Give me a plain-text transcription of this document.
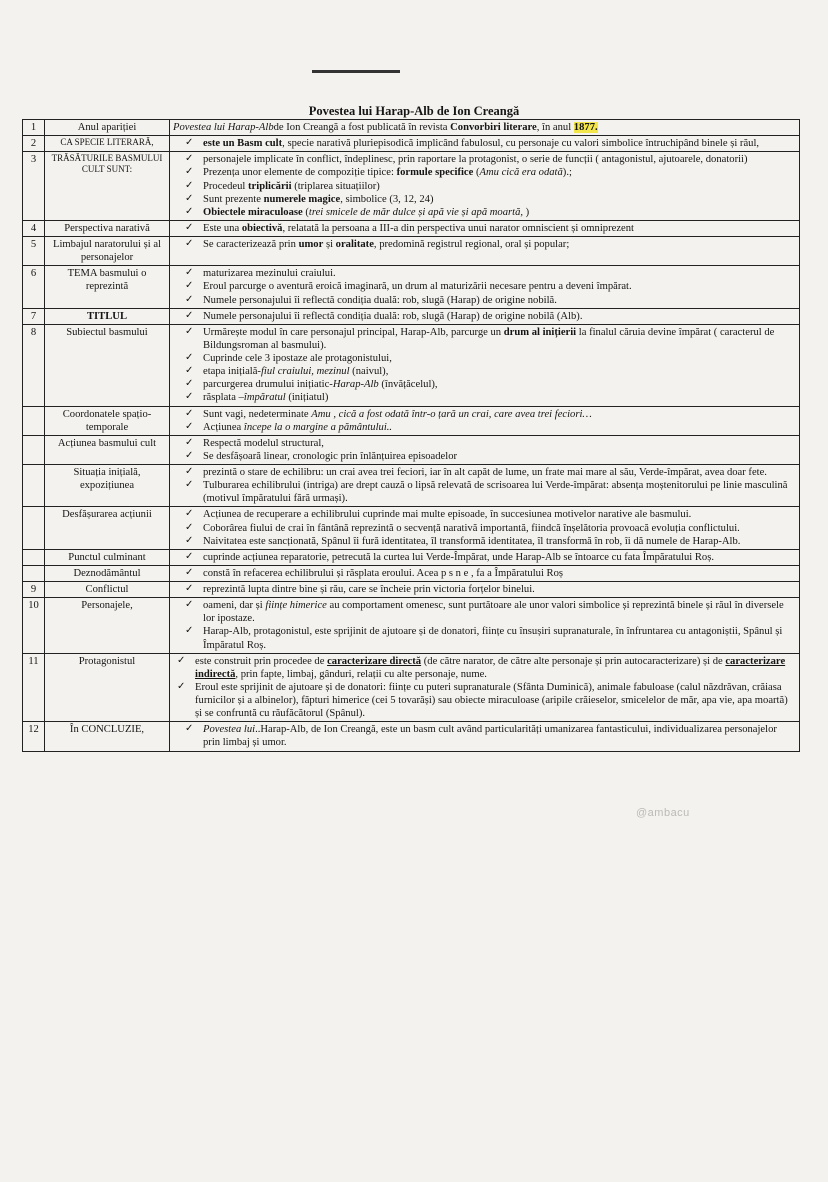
Povestea lui Harap-Alb de Ion Creangă
1	Anul apariției	Povestea lui Harap-Albde Ion Creangă a fost publicată în revista Convorbiri literare, în anul 1877.

2	CA SPECIE LITERARĂ,	✓ este un Basm cult, specie narativă pluriepisodică implicând fabulosul, cu personaje cu valori simbolice întruchipând binele și răul,

3	TRĂSĂTURILE BASMULUI CULT SUNT:	✓ personajele implicate în conflict, îndeplinesc, prin raportare la protagonist, o serie de funcții ( antagonistul, ajutoarele, donatorii)
✓ Prezența unor elemente de compoziție tipice: formule specifice (Amu cică era odată).;
✓ Procedeul triplicării (triplarea situațiilor)
✓ Sunt prezente numerele magice, simbolice (3, 12, 24)
✓ Obiectele miraculoase (trei smicele de măr dulce și apă vie și apă moartă, )

4	Perspectiva narativă	✓ Este una obiectivă, relatată la persoana a III-a din perspectiva unui narator omniscient și omniprezent

5	Limbajul naratorului și al personajelor	✓ Se caracterizează prin umor și oralitate, predomină registrul regional, oral și popular;

6	TEMA basmului o reprezintă	✓ maturizarea mezinului craiului.
✓ Eroul parcurge o aventură eroică imaginară, un drum al maturizării necesare pentru a deveni împărat.
✓ Numele personajului îi reflectă condiția duală: rob, slugă (Harap) de origine nobilă.

7	TITLUL	✓ Numele personajului îi reflectă condiția duală: rob, slugă (Harap) de origine nobilă (Alb).

8	Subiectul basmului	✓ Urmărește modul în care personajul principal, Harap-Alb, parcurge un drum al inițierii la finalul căruia devine împărat ( caracterul de Bildungsroman al basmului).
✓ Cuprinde cele 3 ipostaze ale protagonistului,
✓ etapa inițială-fiul craiului, mezinul (naivul),
✓ parcurgerea drumului inițiatic-Harap-Alb (învățăcelul),
✓ răsplata –împăratul (inițiatul)

	Coordonatele spațio-temporale	✓ Sunt vagi, nedeterminate Amu , cică a fost odată într-o țară un crai, care avea trei feciori…
✓ Acțiunea începe la o margine a pământului..

	Acțiunea basmului cult	✓ Respectă modelul structural,
✓ Se desfășoară linear, cronologic prin înlănțuirea episoadelor

	Situația inițială, expozițiunea	✓ prezintă o stare de echilibru: un crai avea trei feciori, iar în alt capăt de lume, un frate mai mare al său, Verde-împărat, avea doar fete.
✓ Tulburarea echilibrului (intriga) are drept cauză o lipsă relevată de scrisoarea lui Verde-împărat: absența moștenitorului pe linie masculină (motivul împăratului fără urmași).

	Desfășurarea acțiunii	✓ Acțiunea de recuperare a echilibrului cuprinde mai multe episoade, în succesiunea motivelor narative ale basmului.
✓ Coborârea fiului de crai în fântână reprezintă o secvență narativă importantă, fiindcă înșelătoria provoacă evoluția conflictului.
✓ Naivitatea este sancționată, Spânul îi fură identitatea, îl transformă identitatea, îl transformă în rob, îi dă numele de Harap-Alb.

	Punctul culminant	✓ cuprinde acțiunea reparatorie, petrecută la curtea lui Verde-Împărat, unde Harap-Alb se întoarce cu fata Împăratului Roș.

	Deznodământul	✓ constă în refacerea echilibrului și răsplata eroului. Acea p s n e , fa a Împăratului Roș

9	Conflictul	✓ reprezintă lupta dintre bine și rău, care se încheie prin victoria forțelor binelui.

10	Personajele,	✓ oameni, dar și ființe himerice au comportament omenesc, sunt purtătoare ale unor valori simbolice și reprezintă binele și răul în diversele lor ipostaze.
✓ Harap-Alb, protagonistul, este sprijinit de ajutoare și de donatori, ființe cu însușiri supranaturale, în înfruntarea cu antagoniștii, Spânul și Împăratul Roș.

11	Protagonistul	✓ este construit prin procedee de caracterizare directă (de către narator, de către alte personaje și prin autocaracterizare) și de caracterizare indirectă, prin fapte, limbaj, gânduri, relații cu alte personaje, nume.
✓ Eroul este sprijinit de ajutoare și de donatori: ființe cu puteri supranaturale (Sfânta Duminică), animale fabuloase (calul năzdrăvan, crăiasa furnicilor și a albinelor), făpturi himerice (cei 5 tovarăși) sau obiecte miraculoase (aripile crăieselor, smicelelor de măr, apa vie, apa moartă) și se confruntă cu răufăcătorul (Spânul).

12	În CONCLUZIE,	✓ Povestea lui..Harap-Alb, de Ion Creangă, este un basm cult având particularități umanizarea fantasticului, individualizarea personajelor prin limbaj și umor.
@ambacu
